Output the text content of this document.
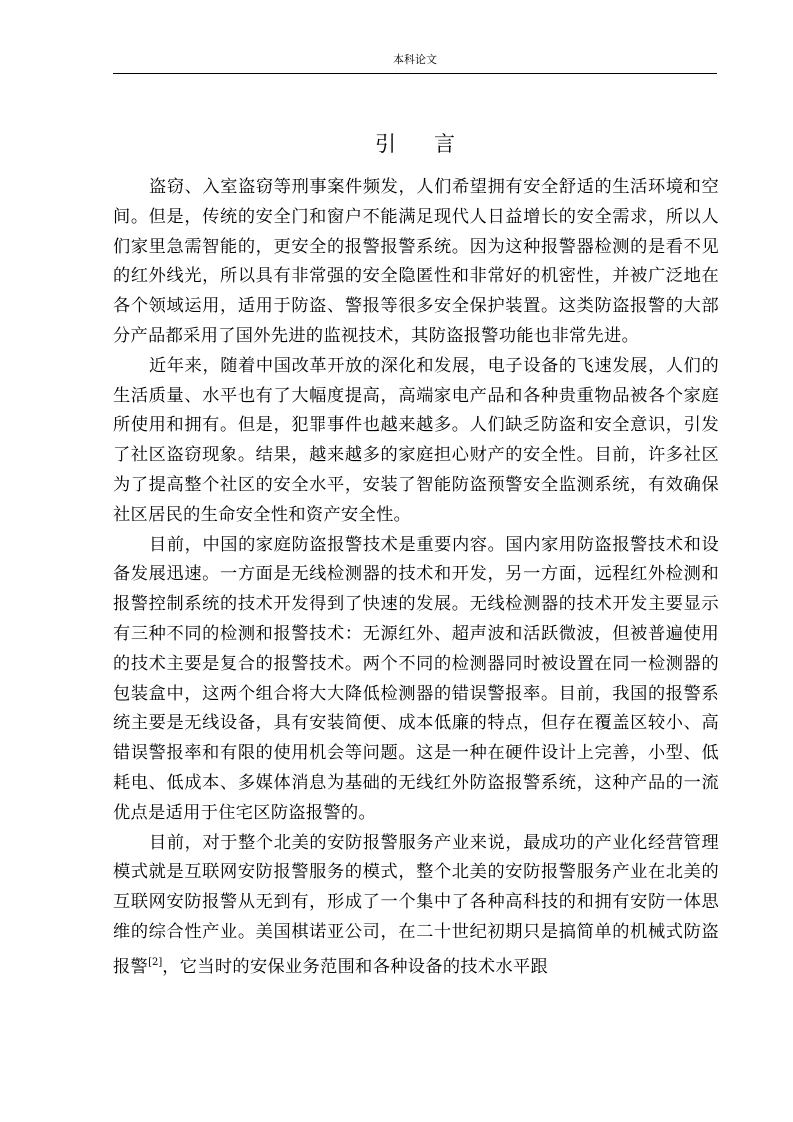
本科论文
引言

盗窃、入室盗窃等刑事案件频发，人们希望拥有安全舒适的生活环境和空间。但是，传统的安全门和窗户不能满足现代人日益增长的安全需求，所以人们家里急需智能的，更安全的报警报警系统。因为这种报警器检测的是看不见的红外线光，所以具有非常强的安全隐匿性和非常好的机密性，并被广泛地在各个领域运用，适用于防盗、警报等很多安全保护装置。这类防盗报警的大部分产品都采用了国外先进的监视技术，其防盗报警功能也非常先进。

近年来，随着中国改革开放的深化和发展，电子设备的飞速发展，人们的生活质量、水平也有了大幅度提高，高端家电产品和各种贵重物品被各个家庭所使用和拥有。但是，犯罪事件也越来越多。人们缺乏防盗和安全意识，引发了社区盗窃现象。结果，越来越多的家庭担心财产的安全性。目前，许多社区为了提高整个社区的安全水平，安装了智能防盗预警安全监测系统，有效确保社区居民的生命安全性和资产安全性。

目前，中国的家庭防盗报警技术是重要内容。国内家用防盗报警技术和设备发展迅速。一方面是无线检测器的技术和开发，另一方面，远程红外检测和报警控制系统的技术开发得到了快速的发展。无线检测器的技术开发主要显示有三种不同的检测和报警技术：无源红外、超声波和活跃微波，但被普遍使用的技术主要是复合的报警技术。两个不同的检测器同时被设置在同一检测器的包装盒中，这两个组合将大大降低检测器的错误警报率。目前，我国的报警系统主要是无线设备，具有安装简便、成本低廉的特点，但存在覆盖区较小、高错误警报率和有限的使用机会等问题。这是一种在硬件设计上完善，小型、低耗电、低成本、多媒体消息为基础的无线红外防盗报警系统，这种产品的一流优点是适用于住宅区防盗报警的。

目前，对于整个北美的安防报警服务产业来说，最成功的产业化经营管理模式就是互联网安防报警服务的模式，整个北美的安防报警服务产业在北美的互联网安防报警从无到有，形成了一个集中了各种高科技的和拥有安防一体思维的综合性产业。美国棋诺亚公司，在二十世纪初期只是搞简单的机械式防盗报警[2]，它当时的安保业务范围和各种设备的技术水平跟
